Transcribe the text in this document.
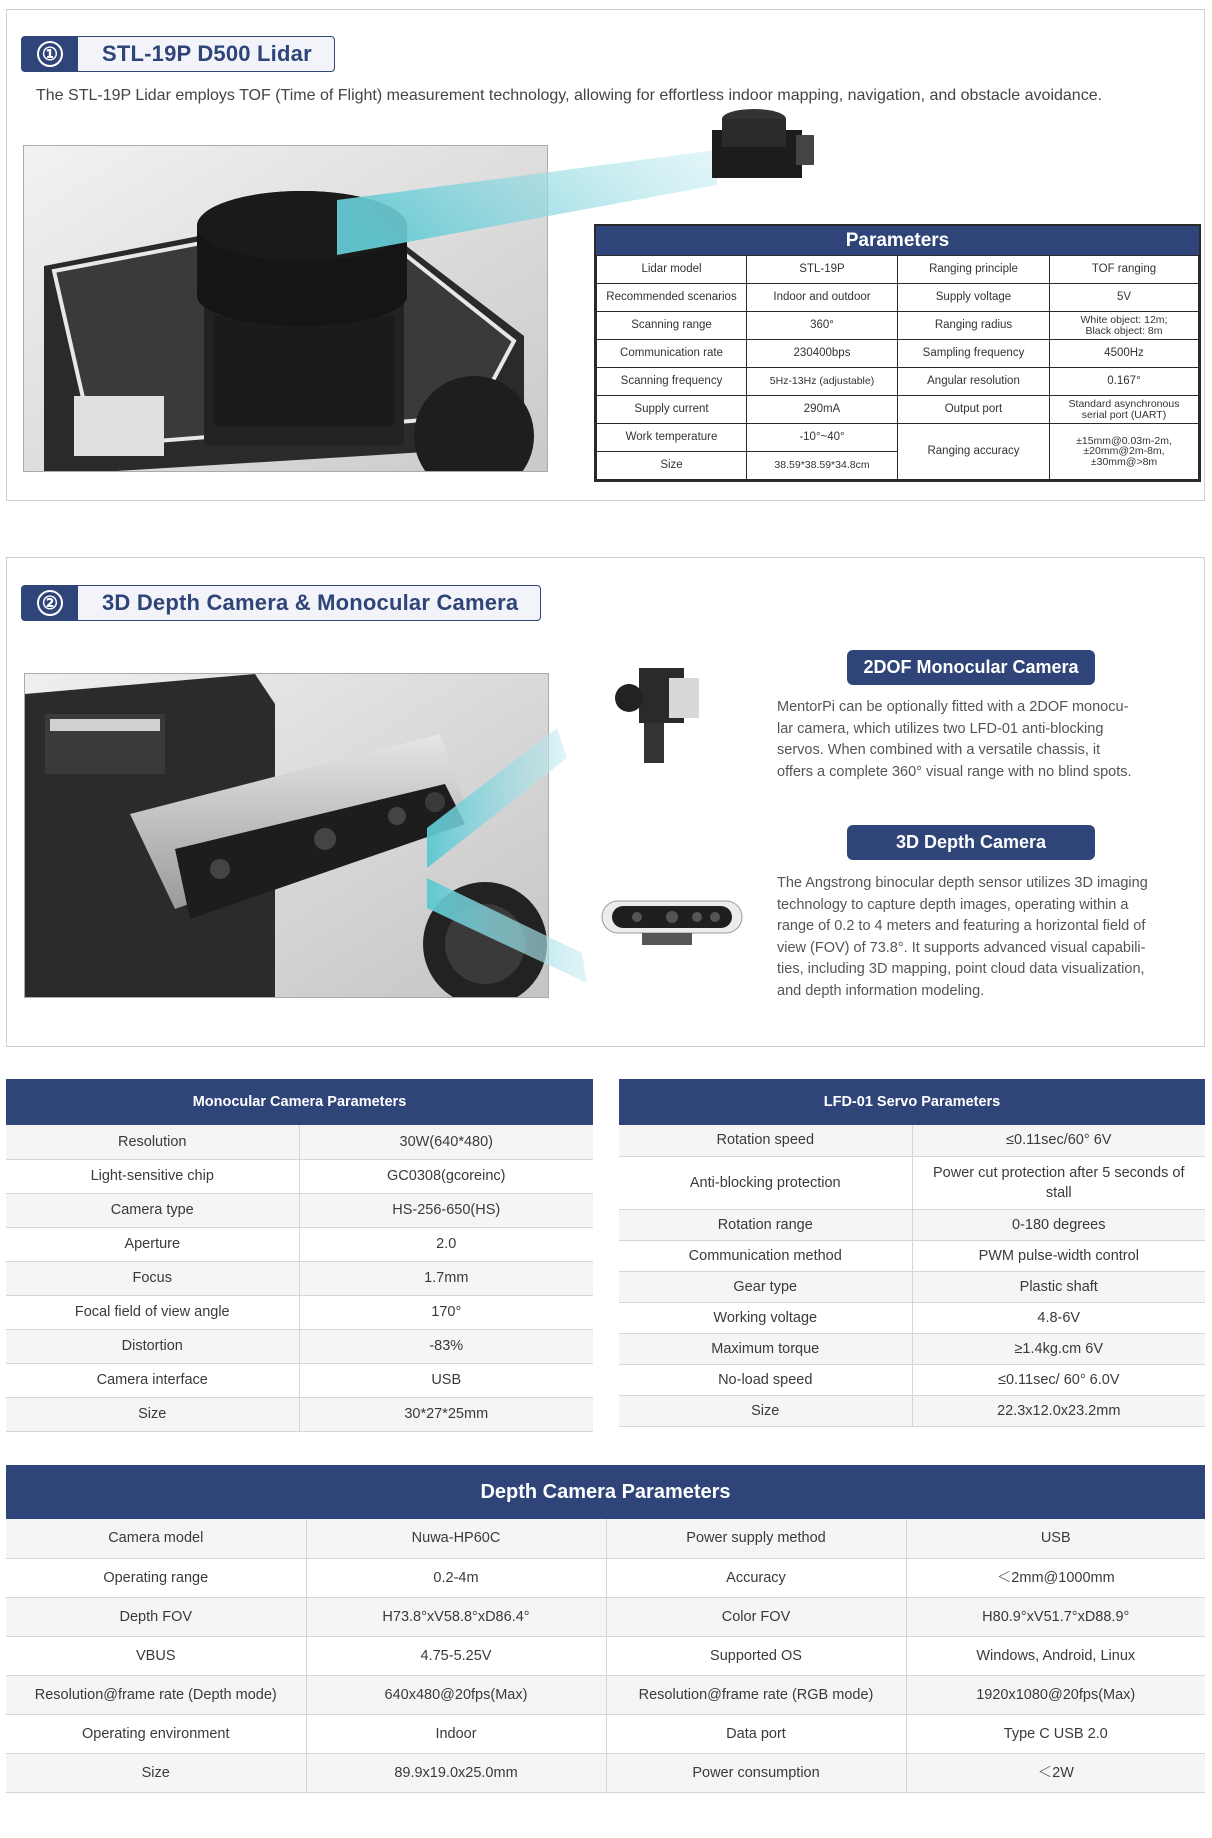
①	STL-19P D500 Lidar
The STL-19P Lidar employs TOF (Time of Flight) measurement technology, allowing for effortless indoor mapping, navigation, and obstacle avoidance.
Parameters
Lidar model	STL-19P	Ranging principle	TOF ranging
Recommended scenarios	Indoor and outdoor	Supply voltage	5V
Scanning range	360°	Ranging radius	White object: 12m;
Black object: 8m
Communication rate	230400bps	Sampling frequency	4500Hz
Scanning frequency	5Hz-13Hz (adjustable)	Angular resolution	0.167°
Supply current	290mA	Output port	Standard asynchronous
serial port (UART)
Work temperature	-10°~40°	Ranging accuracy	±15mm@0.03m-2m,
±20mm@2m-8m,
±30mm@>8m
Size	38.59*38.59*34.8cm		
②	3D Depth Camera & Monocular Camera
2DOF Monocular Camera
MentorPi can be optionally fitted with a 2DOF monocu-
lar camera, which utilizes two LFD-01 anti-blocking
servos. When combined with a versatile chassis, it
offers a complete 360° visual range with no blind spots.
3D Depth Camera
The Angstrong binocular depth sensor utilizes 3D imaging
technology to capture depth images, operating within a
range of 0.2 to 4 meters and featuring a horizontal field of
view (FOV) of 73.8°. It supports advanced visual capabili-
ties, including 3D mapping, point cloud data visualization,
and depth information modeling.
Monocular Camera Parameters	
Resolution	30W(640*480)
Light-sensitive chip	GC0308(gcoreinc)
Camera type	HS-256-650(HS)
Aperture	2.0
Focus	1.7mm
Focal field of view angle	170°
Distortion	-83%
Camera interface	USB
Size	30*27*25mm
LFD-01 Servo Parameters	
Rotation speed	≤0.11sec/60° 6V
Anti-blocking protection	Power cut protection after 5 seconds of stall
Rotation range	0-180 degrees
Communication method	PWM pulse-width control
Gear type	Plastic shaft
Working voltage	4.8-6V
Maximum torque	≥1.4kg.cm 6V
No-load speed	≤0.11sec/ 60° 6.0V
Size	22.3x12.0x23.2mm
Depth Camera Parameters			
Camera model	Nuwa-HP60C	Power supply method	USB
Operating range	0.2-4m	Accuracy	＜2mm@1000mm
Depth FOV	H73.8°xV58.8°xD86.4°	Color FOV	H80.9°xV51.7°xD88.9°
VBUS	4.75-5.25V	Supported OS	Windows, Android, Linux
Resolution@frame rate (Depth mode)	640x480@20fps(Max)	Resolution@frame rate (RGB mode)	1920x1080@20fps(Max)
Operating environment	Indoor	Data port	Type C USB 2.0
Size	89.9x19.0x25.0mm	Power consumption	＜2W
